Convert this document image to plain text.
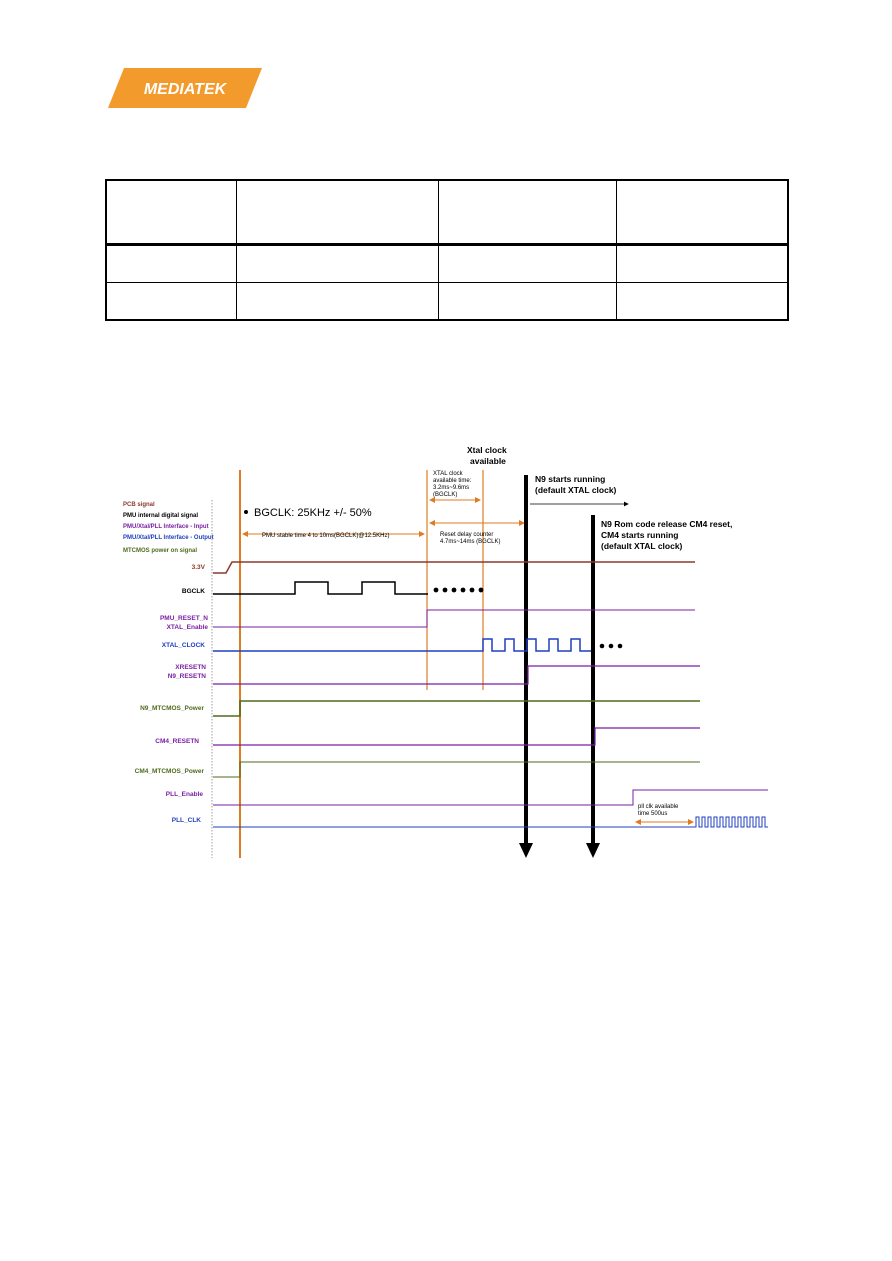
MEDIATEK

PCB signal
PMU internal digital signal
PMU/Xtal/PLL Interface - Input
PMU/Xtal/PLL Interface - Output
MTCMOS power on signal
BGCLK: 25KHz +/- 50%
PMU stable time 4 to 10ms(BGCLK)@12.5KHz)
XTAL clock
available time:
3.2ms~9.6ms
(BGCLK)
Reset delay counter
4.7ms~14ms (BGCLK)
Xtal clock
available
N9 starts running
(default XTAL clock)
N9 Rom code release CM4 reset,
CM4 starts running
(default XTAL clock)
3.3V
BGCLK
PMU_RESET_N
XTAL_Enable
XTAL_CLOCK
XRESETN
N9_RESETN
N9_MTCMOS_Power
CM4_RESETN
CM4_MTCMOS_Power
PLL_Enable
PLL_CLK
pll clk available
time 500us
